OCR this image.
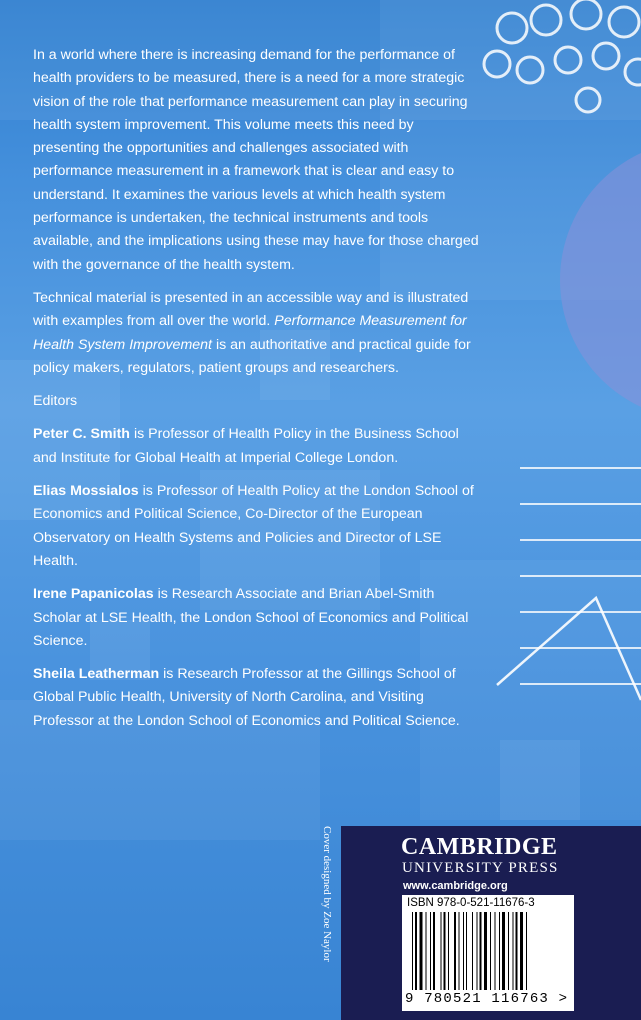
In a world where there is increasing demand for the performance of health providers to be measured, there is a need for a more strategic vision of the role that performance measurement can play in securing health system improvement. This volume meets this need by presenting the opportunities and challenges associated with performance measurement in a framework that is clear and easy to understand. It examines the various levels at which health system performance is undertaken, the technical instruments and tools available, and the implications using these may have for those charged with the governance of the health system.

Technical material is presented in an accessible way and is illustrated with examples from all over the world. Performance Measurement for Health System Improvement is an authoritative and practical guide for policy makers, regulators, patient groups and researchers.

Editors

Peter C. Smith is Professor of Health Policy in the Business School and Institute for Global Health at Imperial College London.

Elias Mossialos is Professor of Health Policy at the London School of Economics and Political Science, Co-Director of the European Observatory on Health Systems and Policies and Director of LSE Health.

Irene Papanicolas is Research Associate and Brian Abel-Smith Scholar at LSE Health, the London School of Economics and Political Science.

Sheila Leatherman is Research Professor at the Gillings School of Global Public Health, University of North Carolina, and Visiting Professor at the London School of Economics and Political Science.

Cover designed by Zoe Naylor	CAMBRIDGE
UNIVERSITY PRESS
www.cambridge.org
ISBN 978-0-521-11676-3
9 780521 116763 >
